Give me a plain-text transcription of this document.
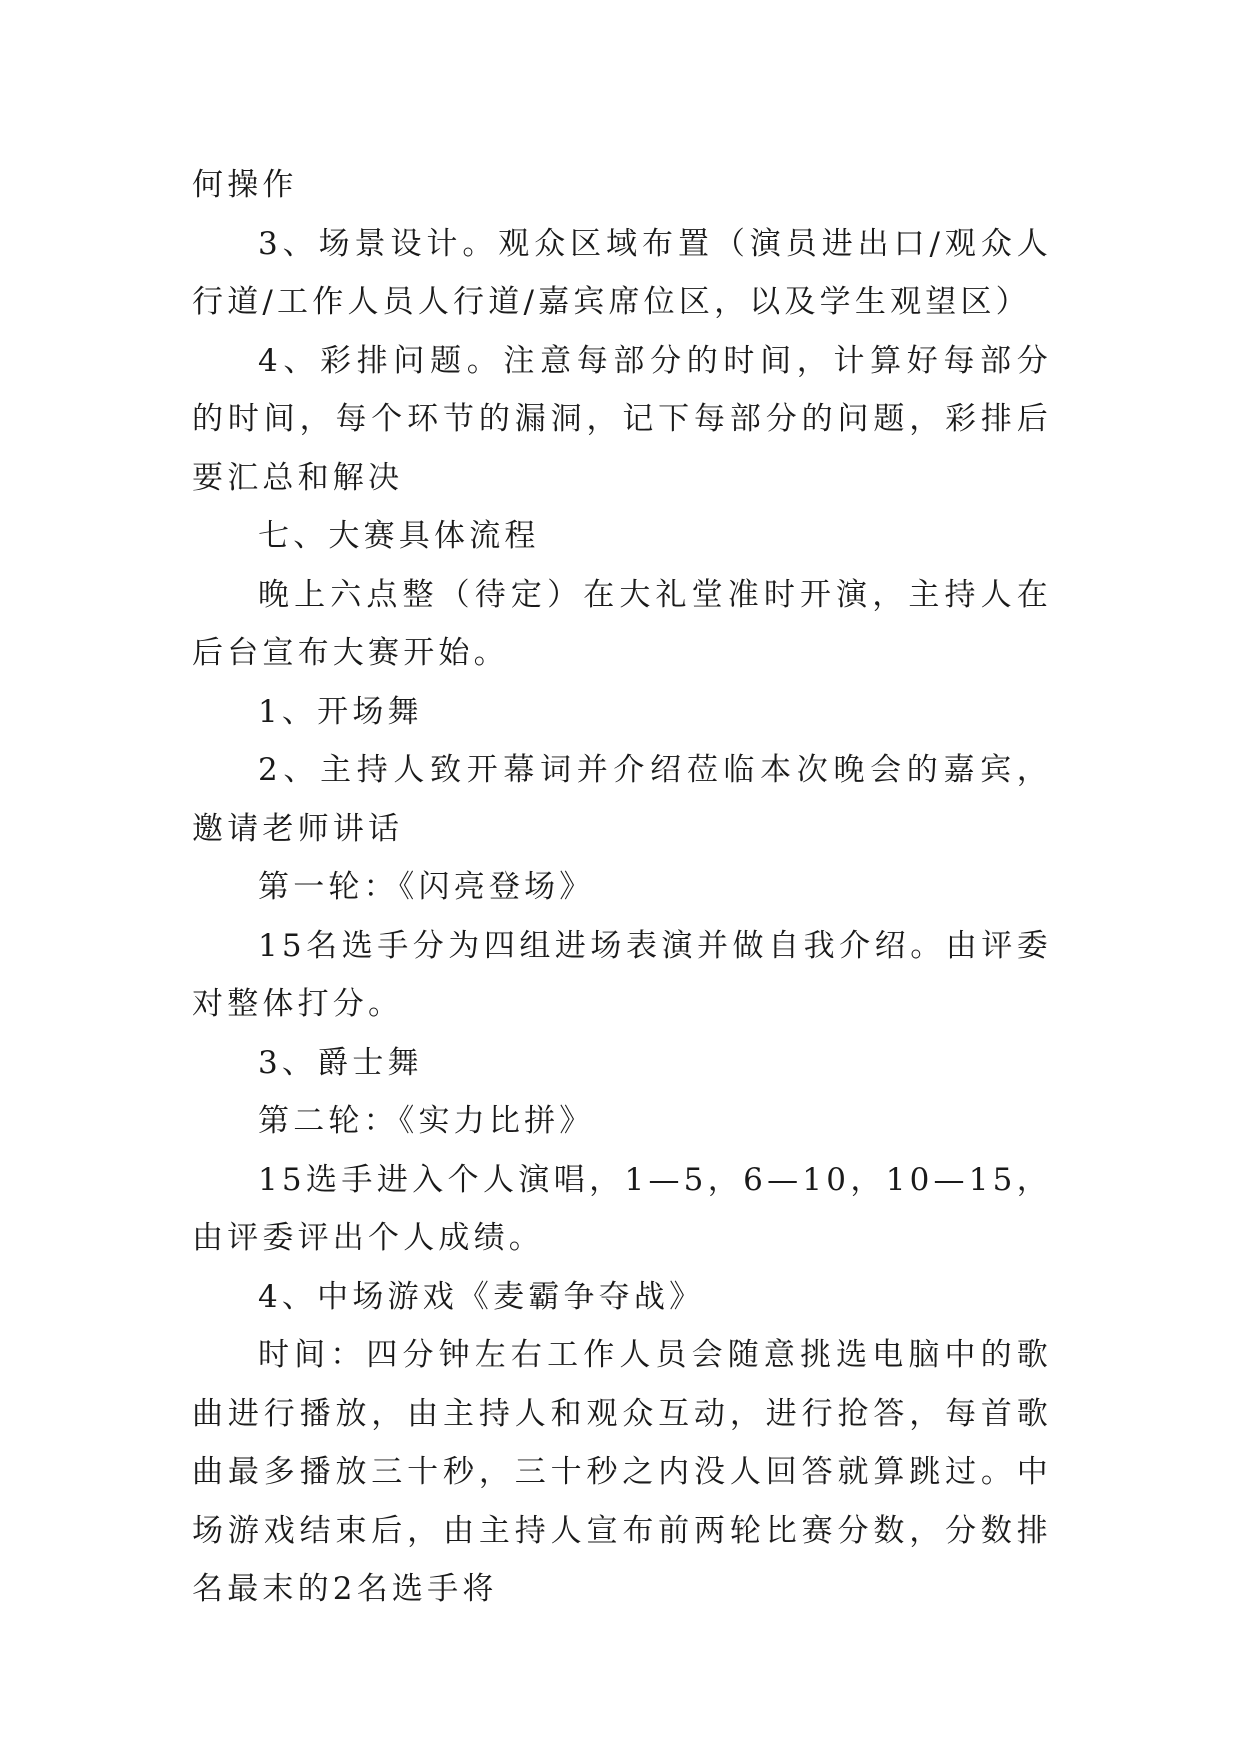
何操作

3、场景设计。观众区域布置（演员进出口/观众人行道/工作人员人行道/嘉宾席位区，以及学生观望区）

4、彩排问题。注意每部分的时间，计算好每部分的时间，每个环节的漏洞，记下每部分的问题，彩排后要汇总和解决

七、大赛具体流程

晚上六点整（待定）在大礼堂准时开演，主持人在后台宣布大赛开始。

1、开场舞

2、主持人致开幕词并介绍莅临本次晚会的嘉宾，邀请老师讲话

第一轮：《闪亮登场》

15名选手分为四组进场表演并做自我介绍。由评委对整体打分。

3、爵士舞

第二轮：《实力比拼》

15选手进入个人演唱，1—5，6—10，10—15，由评委评出个人成绩。

4、中场游戏《麦霸争夺战》

时间：四分钟左右工作人员会随意挑选电脑中的歌曲进行播放，由主持人和观众互动，进行抢答，每首歌曲最多播放三十秒，三十秒之内没人回答就算跳过。中场游戏结束后，由主持人宣布前两轮比赛分数，分数排名最末的2名选手将
